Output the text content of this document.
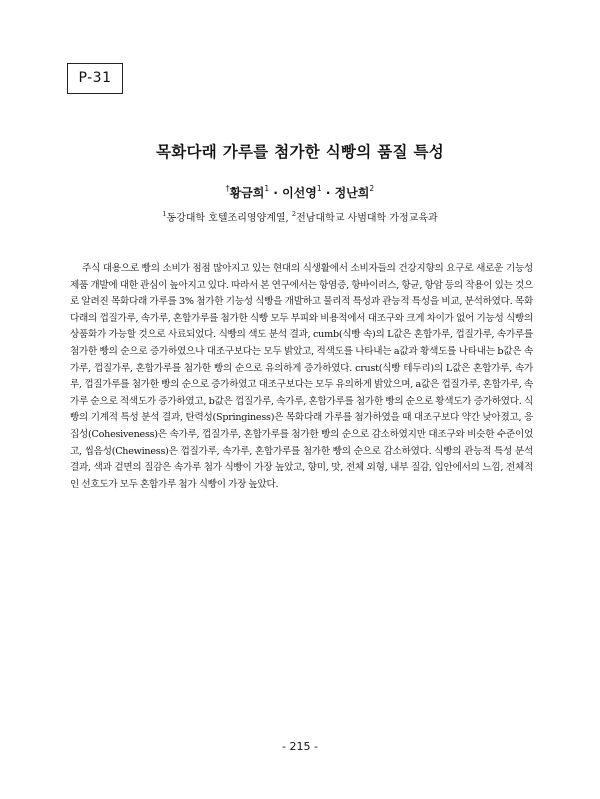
P-31
목화다래 가루를 첨가한 식빵의 품질 특성
†황금희$^1$ · 이선영$^1$ · 정난희$^2$
$^1$동강대학 호텔조리영양계열, $^2$전남대학교 사범대학 가정교육과
주식 대용으로 빵의 소비가 점점 많아지고 있는 현대의 식생활에서 소비자들의 건강지향의 요구로 새로운 기능성 제품 개발에 대한 관심이 높아지고 있다. 따라서 본 연구에서는 항염증, 항바이러스, 항균, 항암 등의 작용이 있는 것으로 알려진 목화다래 가루를 3% 첨가한 기능성 식빵을 개발하고 물리적 특성과 관능적 특성을 비교, 분석하였다. 목화다래의 껍질가루, 속가루, 혼합가루를 첨가한 식빵 모두 부피와 비용적에서 대조구와 크게 차이가 없어 기능성 식빵의 상품화가 가능할 것으로 사료되었다. 식빵의 색도 분석 결과, cumb(식빵 속)의 L값은 혼합가루, 껍질가루, 속가루를 첨가한 빵의 순으로 증가하였으나 대조구보다는 모두 밝았고, 적색도를 나타내는 a값과 황색도를 나타내는 b값은 속가루, 껍질가루, 혼합가루를 첨가한 빵의 순으로 유의하게 증가하였다. crust(식빵 테두리)의 L값은 혼합가루, 속가루, 껍질가루를 첨가한 빵의 순으로 증가하였고 대조구보다는 모두 유의하게 밝았으며, a값은 껍질가루, 혼합가루, 속가루 순으로 적색도가 증가하였고, b값은 껍질가루, 속가루, 혼합가루를 첨가한 빵의 순으로 황색도가 증가하였다. 식빵의 기계적 특성 분석 결과, 탄력성(Springiness)은 목화다래 가루를 첨가하였을 때 대조구보다 약간 낮아졌고, 응집성(Cohesiveness)은 속가루, 껍질가루, 혼합가루를 첨가한 빵의 순으로 감소하였지만 대조구와 비슷한 수준이었고, 씹음성(Chewiness)은 껍질가루, 속가루, 혼합가루를 첨가한 빵의 순으로 감소하였다. 식빵의 관능적 특성 분석 결과, 색과 겉면의 질감은 속가루 첨가 식빵이 가장 높았고, 향미, 맛, 전체 외형, 내부 질감, 입안에서의 느낌, 전체적인 선호도가 모두 혼합가루 첨가 식빵이 가장 높았다.
- 215 -
